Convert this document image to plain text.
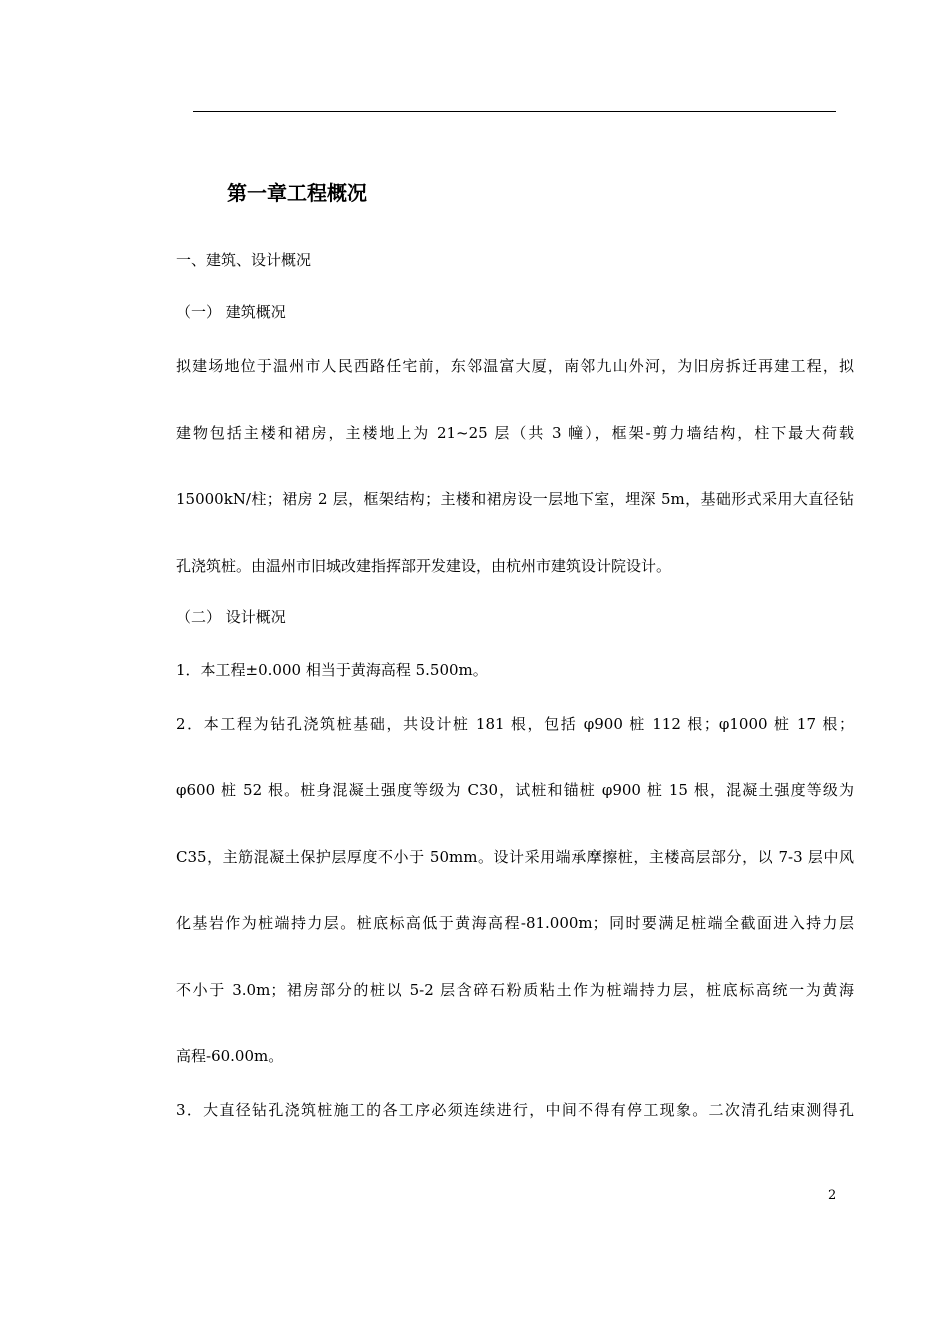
第一章工程概况
一、建筑、设计概况
（一） 建筑概况
拟建场地位于温州市人民西路任宅前，东邻温富大厦，南邻九山外河，为旧房拆迁再建工程，拟
建物包括主楼和裙房，主楼地上为 21~25 层（共 3 幢），框架-剪力墙结构，柱下最大荷载
15000kN/柱；裙房 2 层，框架结构；主楼和裙房设一层地下室，埋深 5m，基础形式采用大直径钻
孔浇筑桩。由温州市旧城改建指挥部开发建设，由杭州市建筑设计院设计。
（二） 设计概况
1．本工程±0.000 相当于黄海高程 5.500m。
2．本工程为钻孔浇筑桩基础，共设计桩 181 根，包括 φ900 桩 112 根；φ1000 桩 17 根；
φ600 桩 52 根。桩身混凝土强度等级为 C30，试桩和锚桩 φ900 桩 15 根，混凝土强度等级为
C35，主筋混凝土保护层厚度不小于 50mm。设计采用端承摩擦桩，主楼高层部分，以 7-3 层中风
化基岩作为桩端持力层。桩底标高低于黄海高程-81.000m；同时要满足桩端全截面进入持力层
不小于 3.0m；裙房部分的桩以 5-2 层含碎石粉质粘土作为桩端持力层，桩底标高统一为黄海
高程-60.00m。
3．大直径钻孔浇筑桩施工的各工序必须连续进行，中间不得有停工现象。二次清孔结束测得孔
2
